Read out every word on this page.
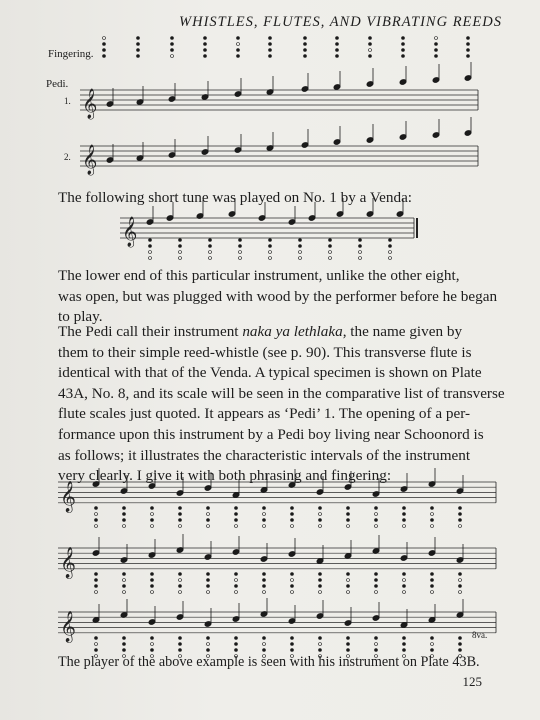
WHISTLES, FLUTES, AND VIBRATING REEDS
Fingering.
Pedi.
1.
2.
𝄞
𝄞
𝄞
𝄞
𝄞
𝄞
The following short tune was played on No. 1 by a Venda:
The lower end of this particular instrument, unlike the other eight,
was open, but was plugged with wood by the performer before he began
to play.
The Pedi call their instrument naka ya lethlaka, the name given by
them to their simple reed-whistle (see p. 90). This transverse flute is
identical with that of the Venda. A typical specimen is shown on Plate
43A, No. 8, and its scale will be seen in the comparative list of transverse
flute scales just quoted. It appears as ‘Pedi’ 1. The opening of a per-
formance upon this instrument by a Pedi boy living near Schoonord is
as follows; it illustrates the characteristic intervals of the instrument
very clearly. I give it with both phrasing and fingering:
8va.
The player of the above example is seen with his instrument on Plate 43B.
125
